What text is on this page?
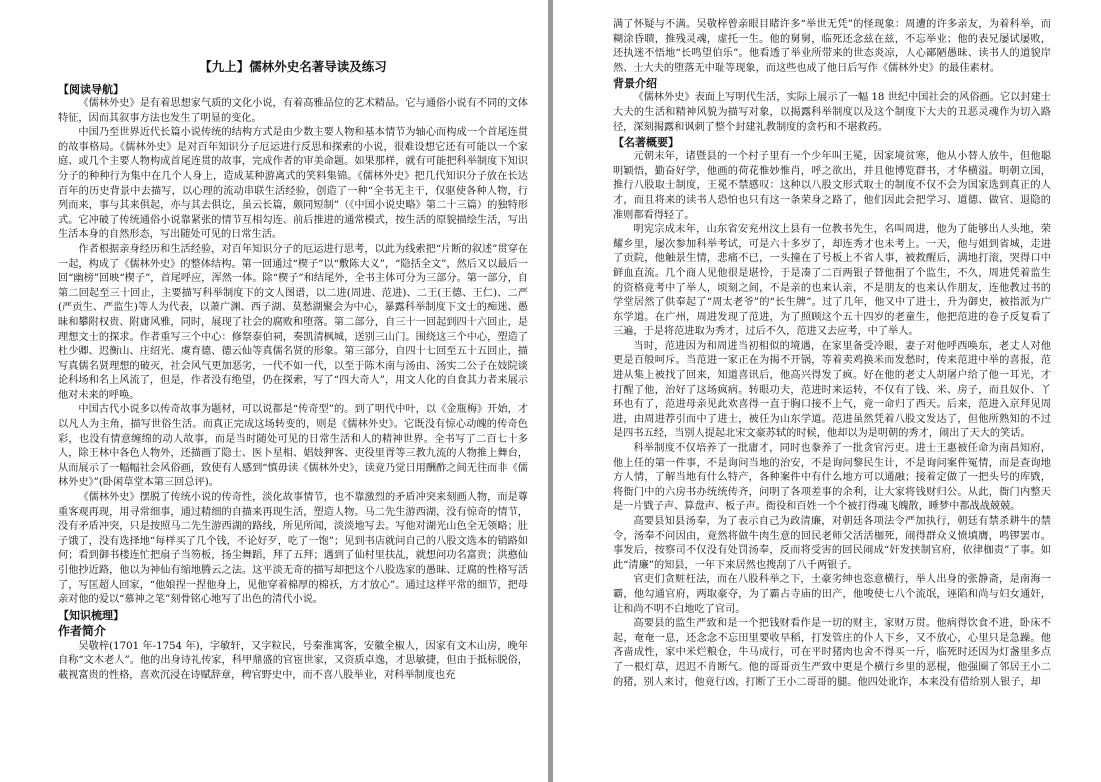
【九上】儒林外史名著导读及练习
【阅读导航】

《儒林外史》是有着思想家气质的文化小说，有着高雅品位的艺术精品。它与通俗小说有不同的文体特征，因而其叙事方法也发生了明显的变化。

中国乃至世界近代长篇小说传统的结构方式是由少数主要人物和基本情节为轴心而构成一个首尾连贯的故事格局。《儒林外史》是对百年知识分子厄运进行反思和探索的小说，很难设想它还有可能以一个家庭、或几个主要人物构成首尾连贯的故事，完成作者的审美命题。如果那样，就有可能把科举制度下知识分子的种种行为集中在几个人身上，造成某种游离式的笑料集锦。《儒林外史》把几代知识分子放在长达百年的历史背景中去描写，以心理的流动串联生活经验，创造了一种“全书无主干，仅驱使各种人物，行列而来，事与其来俱起，亦与其去俱讫，虽云长篇，颇同短制”（《中国小说史略》第二十三篇）的独特形式。它冲破了传统通俗小说靠紧张的情节互相勾连、前后推进的通常模式，按生活的原貌描绘生活，写出生活本身的自然形态，写出随处可见的日常生活。

作者根据亲身经历和生活经验，对百年知识分子的厄运进行思考，以此为线索把“片断的叙述”贯穿在一起，构成了《儒林外史》的整体结构。第一回通过“楔子”以“敷陈大义”，“隐括全文”，然后又以最后一回“幽榜”回映“楔子”，首尾呼应，浑然一体。除“楔子”和结尾外，全书主体可分为三部分。第一部分，自第二回起至三十回止，主要描写科举制度下的文人图谱，以二进(周进、范进)、二王(王德、王仁)、二严(严贡生、严监生)等人为代表，以萧广渊、西子湖、莫愁湖聚会为中心，暴露科举制度下文士的痴迷、愚昧和攀附权贵、附庸风雅，同时，展现了社会的腐败和堕落。第二部分，自三十一回起到四十六回止，是理想文士的探求。作者重写三个中心：修祭泰伯祠，奏凯清枫城，送别三山门。围绕这三个中心，塑造了杜少卿、迟衡山、庄绍光、虞育德、德云仙等真儒名贤的形象。第三部分，自四十七回至五十五回止，描写真儒名贤理想的破灭，社会风气更加恶劣，一代不如一代，以至于陈木南与汤由、汤实二公子在妓院谈论科场和名上风流了，但是，作者没有绝望，仍在探索，写了“四大奇人”，用文人化的自食其力者来展示他对未来的呼唤。

中国古代小说多以传奇故事为题材，可以说都是“传奇型”的。到了明代中叶，以《金瓶梅》开始，才以凡人为主角，描写世俗生活。而真正完成这场转变的，则是《儒林外史》。它既没有惊心动魄的传奇色彩，也没有情意缠绵的动人故事，而是当时随处可见的日常生活和人的精神世界。全书写了二百七十多人，除王林中各色人物外，还描画了隐士、医卜星相、娼妓狎客、吏役里胥等三教九流的人物推上舞台，从而展示了一幅幅社会风俗画，致使有人感到“慎毋读《儒林外史》，读竟乃觉日用酬酢之间无往而非《儒林外史》”(卧闲草堂本第三回总评)。

《儒林外史》摆脱了传统小说的传奇性，淡化故事情节，也不靠激烈的矛盾冲突来刻画人物，而是尊重客观再现，用寻常细事，通过精细的自描来再现生活，塑造人物。马二先生游西湖，没有惊奇的情节，没有矛盾冲突，只是按照马二先生游西湖的路线，所见所闻，淡淡地写去。写他对湖光山色全无领略；肚子饿了，没有选择地“每样买了几个钱，不论好歹，吃了一饱”；见到书店就问自己的八股文选本的销路如何；看到御书楼连忙把扇子当笏板，扬尘舞蹈，拜了五拜；遇到了仙村里扶乩，就想问功名富贵；洪憨仙引他抄近路，他以为神仙有缩地腾云之法。这平淡无奇的描写却把这个八股选家的愚昧、迂腐的性格写活了，写匡超人回家，“他娘捏一捏他身上，见他穿着棉厚的棉袄，方才放心”。通过这样平常的细节，把母亲对他的爱以“慕神之笔”刻骨铭心地写了出色的清代小说。

【知识梳理】
作者简介

吴敬梓(1701 年-1754 年)，字敏轩，又字粒民，号秦淮寓客，安徽全椒人，因家有文木山房，晚年自称“文木老人”。他的出身诗礼传家，科甲鼎盛的官宦世家，又资质卓逸，才思敏捷，但由于抵标脱俗，載视富贵的性格，喜欢沉浸在诗赋辞章，稗官野史中，而不喜八股举业，对科举制度也充

满了怀疑与不满。吴敬梓曾亲眼目睹许多“举世无凭”的怪现象：周遭的许多亲友，为着科举，而糊涂昏聩，推残灵魂，虚托一生。他的舅舅，临死还念兹在兹，不忘举业；他的表兄屡试屡败，还执迷不悟地“长鸣望伯乐”。他看透了举业所带来的世态炎凉，人心鄙陋愚昧、读书人的道貌岸然、士大夫的堕落无中耻等现象，而这些也成了他日后写作《儒林外史》的最佳素材。

背景介绍

《儒林外史》表面上写明代生活，实际上展示了一幅 18 世纪中国社会的风俗画。它以封建士大夫的生活和精神风貌为描写对象，以揭露科举制度以及这个制度下大夫的丑恶灵魂作为切入路径，深刻揭露和讽刺了整个封建礼教制度的贪朽和不堪救药。

【名著概要】

元朝末年，诸暨县的一个村子里有一个少年叫王冕，因家境贫寒，他从小替人放牛，但他聪明颖悟，勤奋好学，他画的荷花惟妙惟肖，呼之欲出，并且他博览群书，才华横溢。明朝立国，推行八股取士制度，王冕不禁感叹：这种以八股文形式取士的制度不仅不会为国家选到真正的人才，而且将来的读书人恐怕也只有这一条荣身之路了，他们因此会把学习、道德、做官、退隐的准则都看得轻了。

明宪宗成末年，山东省安兖州汶上县有一位教书先生，名叫周进，他为了能够出人头地，荣耀乡里，屡次参加科举考试，可是六十多岁了，却连秀才也未考上。一天，他与姐到省城，走进了贡院，他触景生情，悲痛不已，一头撞在了号板上不省人事，被救醒后，满地打滚，哭得口中鲜血直流。几个商人见他很是堪怜，于是凑了二百两银子替他捐了个监生，不久，周进凭着监生的资格竟考中了举人，顷刻之间，不是亲的也来认亲，不是朋友的也来认作朋友，连他教过书的学堂居然了供奉起了“周太老爷”的“长生牌”。过了几年，他又中了进士，升为御史，被指派为广东学道。在广州，周进发现了范进，为了照顾这个五十四岁的老童生，他把范进的卷子反复看了三遍，于是将范进取为秀才，过后不久，范进又去应考，中了举人。

当时，范进因为和周进当初相似的境遇，在家里备受冷眼，妻子对他呼西唤东，老丈人对他更是百般呵斥。当范进一家正在为揭不开锅，等着卖鸡换米而发愁时，传来范进中举的喜报，范进从集上被找了回来，知道喜讯后，他高兴得发了疯。好在他的老丈人胡屠户给了他一耳光，才打醒了他，治好了这场疯病。转眼功夫，范进时来运转，不仅有了钱、米、房子，而且奴仆、丫环也有了，范进母亲见此欢喜得一直于胸口接不上气，竟一命归了西天。后来，范进入京拜见周进，由周进荐引而中了进士，被任为山东学道。范进虽然凭着八股文发达了，但他所熟知的不过是四书五经，当别人提起北宋文豪苏轼的时候，他却以为是明朝的秀才，闹出了天大的笑话。

科举制度不仅培养了一批庸才，同时也豢养了一批贪官污吏。进士王惠被任命为南昌知府，他上任的第一件事，不是询问当地的治安，不是询问黎民生计，不是询问案件冤情，而是查询地方人情，了解当地有什么特产，各种案件中有什么地方可以通融；接着定做了一把头号的库戥，将衙门中的六房书办统统传齐，问明了各项差事的余利，让大家将钱财归公。从此，衙门内整天是一片戥子声、算盘声、板子声。衙役和百姓一个个被打得魂飞魄散，睡梦中都战战兢兢。

高要县知县汤奉，为了表示自己为政清廉，对朝廷各项法令严加执行，朝廷有禁杀耕牛的禁令，汤奉不问因由，竟然将做牛肉生意的回民老师父活活枷死，闹得群众义愤填膺，鸣锣罢市。事发后，按察司不仅没有处罚汤奉，反而将受害的回民闹成“奸发挟制官府，依律枷责”了事。如此“清廉”的知县，一年下来居然也搜刮了八千两银子。

官吏们贪赃枉法，而在八股科举之下，土豪劣绅也恣意横行，举人出身的张静斋，是南海一霸，他勾通官府，两取豪夺，为了霸占寺庙的田产，他唆使七八个流氓，诬陷和尚与妇女通奸，让和尚不明不白地吃了官司。

高要县的监生严致和是一个把钱财看作是一切的财主，家财万贯。他病得饮食不进，卧床不起，奄奄一息，还念念不忘田里要收早稻，打发管庄的仆人下乡，又不放心，心里只是急躁。他吝啬成性，家中米烂粮仓，牛马成行，可在平时猪肉也舍不得买一斤，临死时还因为灯盏里多点了一根灯草，迟迟不肯断气。他的哥哥贡生严致中更是个横行乡里的恶棍，他强圈了邻居王小二的猪，别人来讨，他竟行凶，打断了王小二哥哥的腿。他四处讹诈，本来没有借给别人银子，却
